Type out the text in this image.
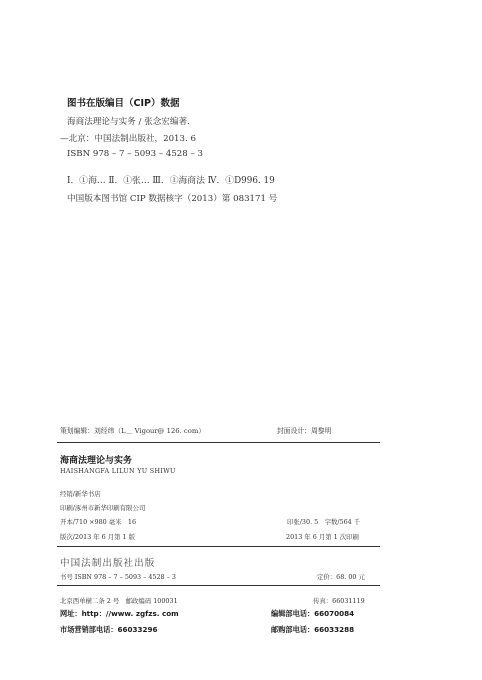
图书在版编目（CIP）数据
海商法理论与实务 / 张念宏编著．
—北京：中国法制出版社，2013. 6
ISBN 978 – 7 – 5093 – 4528 – 3
Ⅰ．①海… Ⅱ．①张… Ⅲ．①海商法 Ⅳ．①D996. 19
中国版本图书馆 CIP 数据核字（2013）第 083171 号
策划编辑：刘经纬（L＿ Vigour@ 126. com）	封面设计：周黎明
海商法理论与实务
HAISHANGFA LILUN YU SHIWU
经销/新华书店
印刷/涿州市新华印刷有限公司
开本/710 ×980 毫米　16	印张/30. 5　字数/564 千
版次/2013 年 6 月第 1 版	2013 年 6 月第 1 次印刷
中国法制出版社出版
书号 ISBN 978 – 7 – 5093 – 4528 – 3	定价：68. 00 元
北京西单横二条 2 号　邮政编码 100031	传真：66031119
网址：http：//www. zgfzs. com	编辑部电话：66070084
市场营销部电话：66033296	邮购部电话：66033288
